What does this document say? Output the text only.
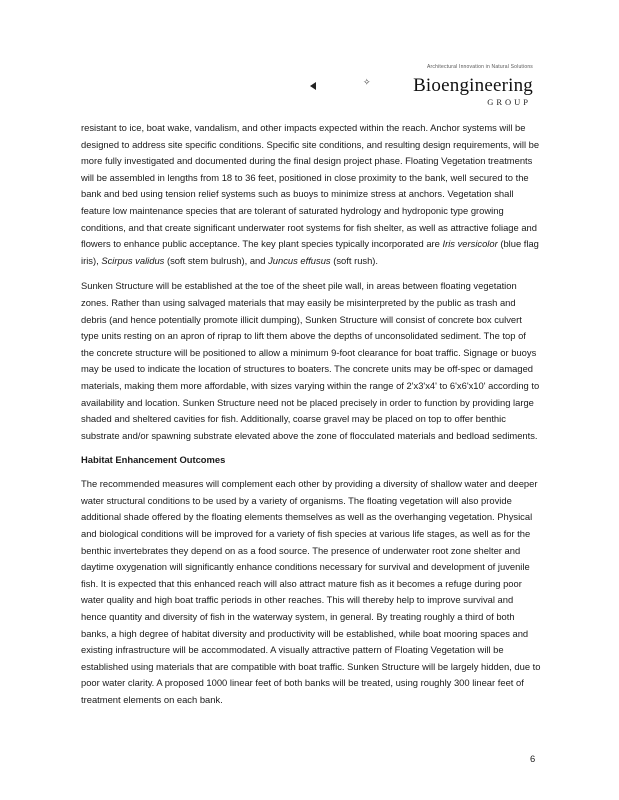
Architectural Innovation in Natural Solutions
✧ Bioengineering
GROUP

resistant to ice, boat wake, vandalism, and other impacts expected within the reach. Anchor systems will be designed to address site specific conditions. Specific site conditions, and resulting design requirements, will be more fully investigated and documented during the final design project phase. Floating Vegetation treatments will be assembled in lengths from 18 to 36 feet, positioned in close proximity to the bank, well secured to the bank and bed using tension relief systems such as buoys to minimize stress at anchors. Vegetation shall feature low maintenance species that are tolerant of saturated hydrology and hydroponic type growing conditions, and that create significant underwater root systems for fish shelter, as well as attractive foliage and flowers to enhance public acceptance. The key plant species typically incorporated are Iris versicolor (blue flag iris), Scirpus validus (soft stem bulrush), and Juncus effusus (soft rush).

Sunken Structure will be established at the toe of the sheet pile wall, in areas between floating vegetation zones. Rather than using salvaged materials that may easily be misinterpreted by the public as trash and debris (and hence potentially promote illicit dumping), Sunken Structure will consist of concrete box culvert type units resting on an apron of riprap to lift them above the depths of unconsolidated sediment. The top of the concrete structure will be positioned to allow a minimum 9-foot clearance for boat traffic. Signage or buoys may be used to indicate the location of structures to boaters. The concrete units may be off-spec or damaged materials, making them more affordable, with sizes varying within the range of 2'x3'x4' to 6'x6'x10' according to availability and location. Sunken Structure need not be placed precisely in order to function by providing large shaded and sheltered cavities for fish. Additionally, coarse gravel may be placed on top to offer benthic substrate and/or spawning substrate elevated above the zone of flocculated materials and bedload sediments.

Habitat Enhancement Outcomes

The recommended measures will complement each other by providing a diversity of shallow water and deeper water structural conditions to be used by a variety of organisms. The floating vegetation will also provide additional shade offered by the floating elements themselves as well as the overhanging vegetation. Physical and biological conditions will be improved for a variety of fish species at various life stages, as well as for the benthic invertebrates they depend on as a food source. The presence of underwater root zone shelter and daytime oxygenation will significantly enhance conditions necessary for survival and development of juvenile fish. It is expected that this enhanced reach will also attract mature fish as it becomes a refuge during poor water quality and high boat traffic periods in other reaches. This will thereby help to improve survival and hence quantity and diversity of fish in the waterway system, in general. By treating roughly a third of both banks, a high degree of habitat diversity and productivity will be established, while boat mooring spaces and existing infrastructure will be accommodated. A visually attractive pattern of Floating Vegetation will be established using materials that are compatible with boat traffic. Sunken Structure will be largely hidden, due to poor water clarity. A proposed 1000 linear feet of both banks will be treated, using roughly 300 linear feet of treatment elements on each bank.

6
